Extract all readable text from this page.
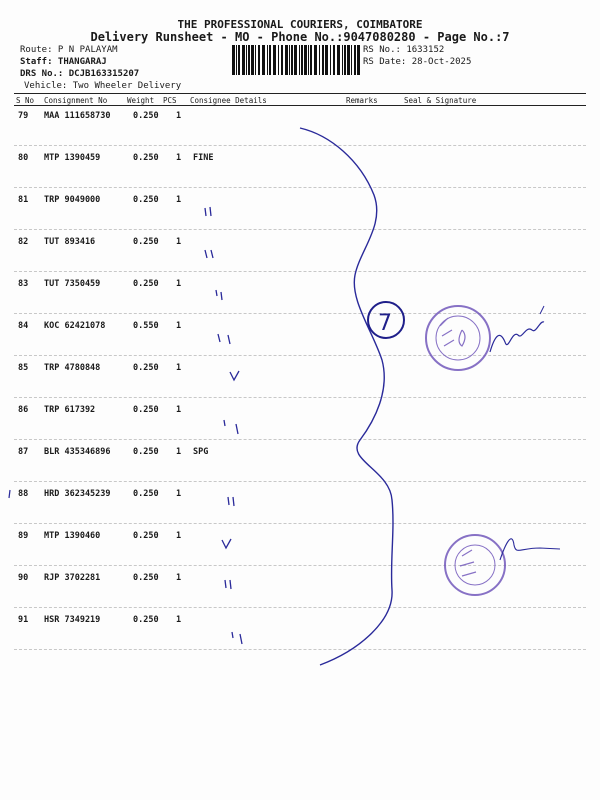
THE PROFESSIONAL COURIERS, COIMBATORE
Delivery Runsheet - MO - Phone No.:9047080280 - Page No.:7
Route: P N PALAYAM
Staff: THANGARAJ
DRS No.: DCJB163315207
Vehicle: Two Wheeler Delivery
RS No.: 1633152
RS Date: 28-Oct-2025
S No Consignment No	Weight PCS Consignee Details	Remarks	Seal & Signature
79 MAA 111658730	0.250 1
80 MTP 1390459	0.250 1 FINE
81 TRP 9049000	0.250 1
82 TUT 893416	0.250 1
83 TUT 7350459	0.250 1
84 KOC 62421078	0.550 1
85 TRP 4780848	0.250 1
86 TRP 617392	0.250 1
87 BLR 435346896	0.250 1 SPG
88 HRD 362345239	0.250 1
89 MTP 1390460	0.250 1
90 RJP 3702281	0.250 1
91 HSR 7349219	0.250 1
7
